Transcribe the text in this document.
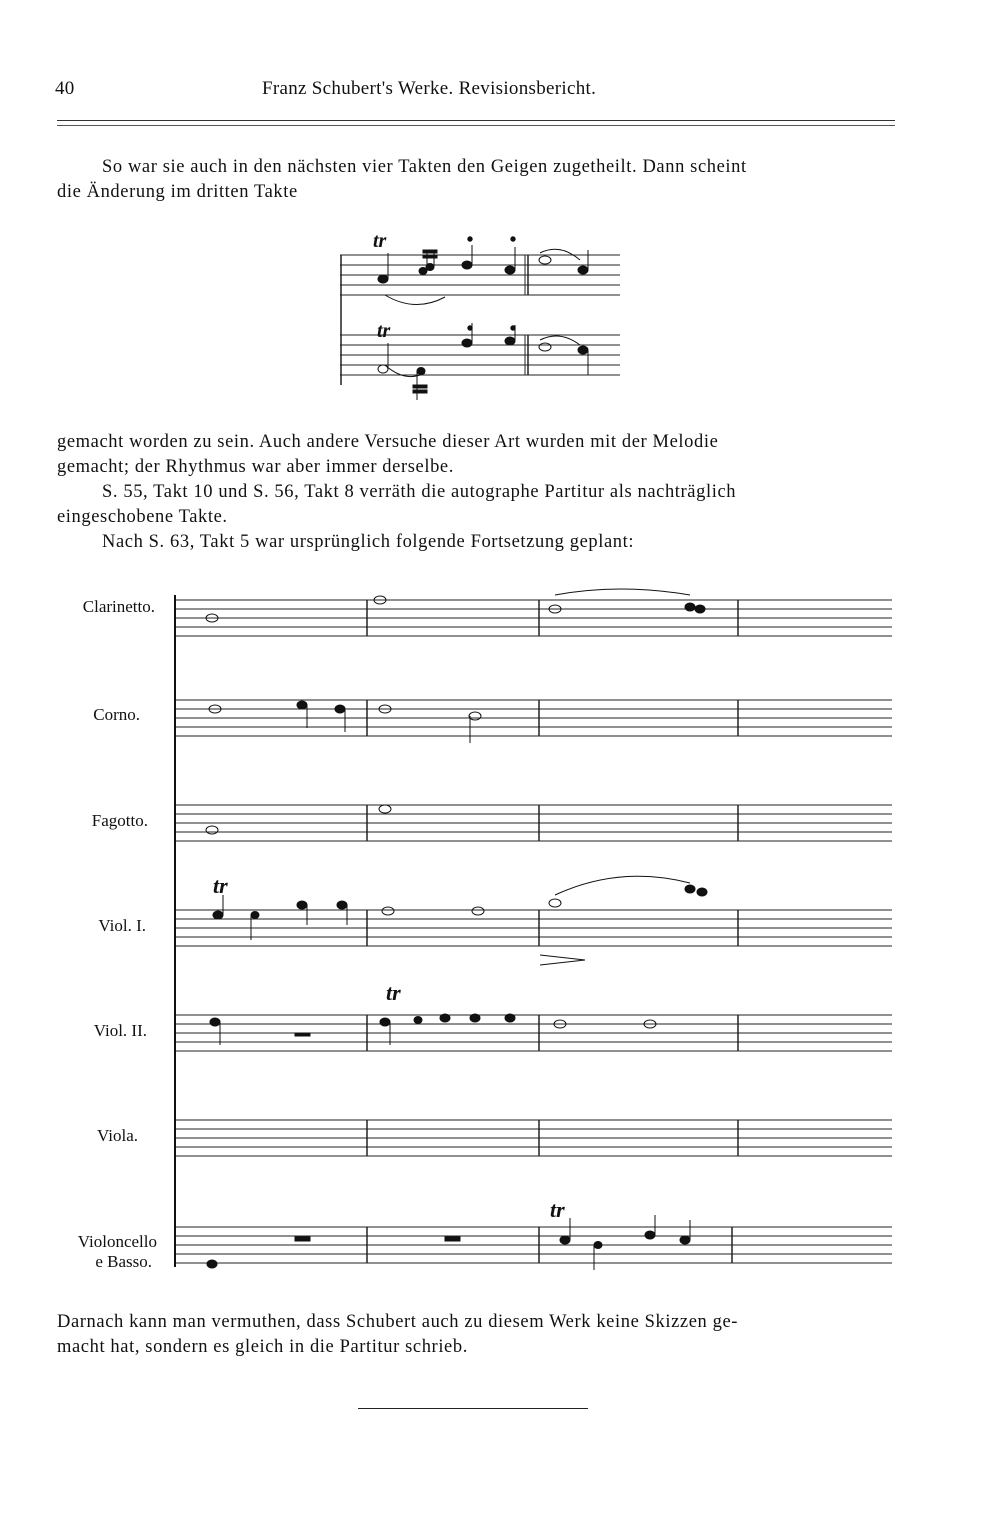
40	Franz Schubert's Werke. Revisionsbericht.
So war sie auch in den nächsten vier Takten den Geigen zugetheilt. Dann scheint
die Änderung im dritten Takte
tr
tr
gemacht worden zu sein. Auch andere Versuche dieser Art wurden mit der Melodie
gemacht; der Rhythmus war aber immer derselbe.
S. 55, Takt 10 und S. 56, Takt 8 verräth die autographe Partitur als nachträglich
eingeschobene Takte.
Nach S. 63, Takt 5 war ursprünglich folgende Fortsetzung geplant:
Clarinetto.
Corno.
Fagotto.
Viol. I.
Viol. II.
Viola.
Violoncello
e Basso.
tr
tr
tr
Darnach kann man vermuthen, dass Schubert auch zu diesem Werk keine Skizzen ge-
macht hat, sondern es gleich in die Partitur schrieb.
